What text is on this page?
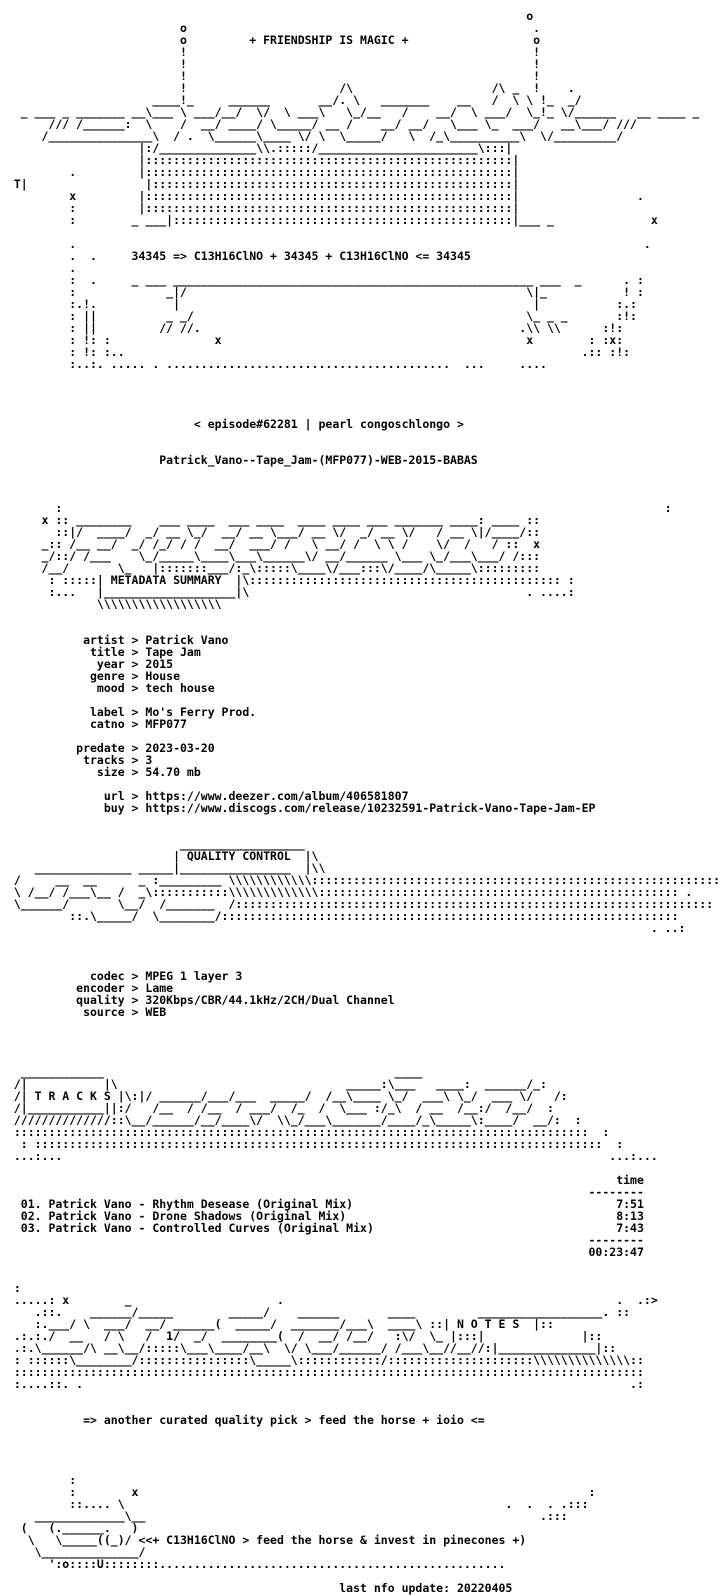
o
o                                                  .
o         + FRIENDSHIP IS MAGIC +                  o
!                                                  !
!                                                  !
!                                                  !
!                      /\                    /\ _  !    .
____!_     ______       __/. \   _______    __   /  \ \ !_  _/
_ ___ _ _______ __\___ \ ___/__/  \/  \ ___\   \_/__   /    __/  \ ___/  \_!_ \/______   __ ____ _
/// /______:  \    /  __/ ____/ \_____/ __ /    __/ __/   \___ \_  ___/   __\___/ ///
/_______________\  / .  \______\____ \/ \  \_____/   \  /_\__________\  \/_________/
|:/______________\\.:::::/_______________________\:::|
|:::::::::::::::::::::::::::::::::::::::::::::::::::::|
.         |:::::::::::::::::::::::::::::::::::::::::::::::::::::|
T|                 |::::::::::::::::::::::::::::::::::::::::::::::::::::|
x         |:::::::::::::::::::::::::::::::::::::::::::::::::::::|                 .
:         |:::::::::::::::::::::::::::::::::::::::::::::::::::::|
:        _ ___|:::::::::::::::::::::::::::::::::::::::::::::::::|___ _              x
.                                                                                  .
.  .     34345 => C13H16ClNO + 34345 + C13H16ClNO <= 34345
.
:  .     _ ___ ____________________________________________________ ___  _      . :
:             _|/                                                 \|_           ! :
:.!.           |                                                   |           :.:
: ||          _ _/                                                \_ _ _       :!:
: ||         // //.                                              .\\ \\      :!:
: !: :               x                                            x        : :x:
: !: :..                                                                  .:: :!:
:..:. ..... . .........................................  ...     ....
< episode#62281 | pearl congoschlongo >
Patrick_Vano--Tape_Jam-(MFP077)-WEB-2015-BABAS
:                                                                                       :
x :: ________    ___ ____  ___ ____  ____ ____ ___ _______ ____: ____ ::
::|/  ____/  _/ __ \_/  __/ __ \___/ __ \/  _/ __ \/   / __ \|/____/::
_:: /__ __/  _/ /_/ / /  __/  ___/ /   \ __/ /  \ \ /    \/  /   / ::  x
_/::/ /___    \_/_____\____\___\______\/ __/______ \___ \_/___\___/ /:::
/__/       \_   |:::::::___/:_\:::::\____\/___:::\/____/\_____\:::::::::
: :::::| METADATA SUMMARY  |\::::::::::::::::::::::::::::::::::::::::::::: :
:...   |___________________|\                                        . ....:
\\\\\\\\\\\\\\\\\\
artist > Patrick Vano
title > Tape Jam
year > 2015
genre > House
mood > tech house
label > Mo's Ferry Prod.
catno > MFP077
predate > 2023-03-20
tracks > 3
size > 54.70 mb
url > https://www.deezer.com/album/406581807
buy > https://www.discogs.com/release/10232591-Patrick-Vano-Tape-Jam-EP
__________________
| QUALITY CONTROL  |\
______________ _____|________________  |\\
/     __  __      _ :_________ \\\\\\\\\\\\:::::::::::::::::::::::::::::::::::::::::::::::::::::::::::
\ /__/ /___\__ /  _\:::::::::::\\\\\\\\\\\\\:::::::::::::::::::::::::::::::::::::::::::::::::::: .
\______/       \__/  /_______  /:::::::::::::::::::::::::::::::::::::::::::::::::::::::::::::::::::::
::.\_____/  \________/::::::::::::::::::::::::::::::::::::::::::::::::::::::::::::::::::
. ..:
codec > MPEG 1 layer 3
encoder > Lame
quality > 320Kbps/CBR/44.1kHz/2CH/Dual Channel
source > WEB
____________                                          ____
/|           |\                                 _____:\___   ____:  ______/_:
/| T R A C K S |\:|/ ______/___/___  _____/  /__\____ \_/  ___\ \_/  ___ \/   /:
/|___________||:/   /__  / /__  / ___/  /_  /  \___ :/_\  / __  /__:/  /__/  :
//////////////::\__/______/__/____\/  \\_/___\_______/____/_\_____\:____/  __/:  :
:::::::::::::::::::::::::::::::::::::::::::::::::::::::::::::::::::::::::::::::::::  :
: ::::::::::::::::::::::::::::::::::::::::::::::::::::::::::::::::::::::::::::::::::  :
...:...                                                                               ...:...
time
--------
01. Patrick Vano - Rhythm Desease (Original Mix)                                      7:51
02. Patrick Vano - Drone Shadows (Original Mix)                                       8:13
03. Patrick Vano - Controlled Curves (Original Mix)                                   7:43
--------
00:23:47
:
.....: x        _                     .                                                .  .:>
.::.    ______/_____        _____/    ______       ____         __________________. ::
:.___/ \  ___/  __/ ______(  _____/  _______/___\  ____\ ::| N O T E S  |::
.:.:./  __   / \   /  1/  _/  ________(  /  __/ /__/   :\/  \_ |:::|              |::
.:.\______/\ __\__/:::::\___\____/__\  \/ \___/______/ /___\__//__//:|______________|::
: ::::::\________/::::::::::::::::\_____\::::::::::::/:::::::::::::::::::::\\\\\\\\\\\\\\::
:::::::::::::::::::::::::::::::::::::::::::::::::::::::::::::::::::::::::::::::::::::::::::
:....::. .                                                                               .:
=> another curated quality pick > feed the horse + ioio <=
:
:        x                                                                 :
::.... \                                                       .  .  . .:::
_____________\__                                                         .:::
(   (.______.   )
\   \_____((_)/ <<+ C13H16ClNO > feed the horse & invest in pinecones +)
\______________/
':o::::U::::::::..................................................
last nfo update: 20220405
